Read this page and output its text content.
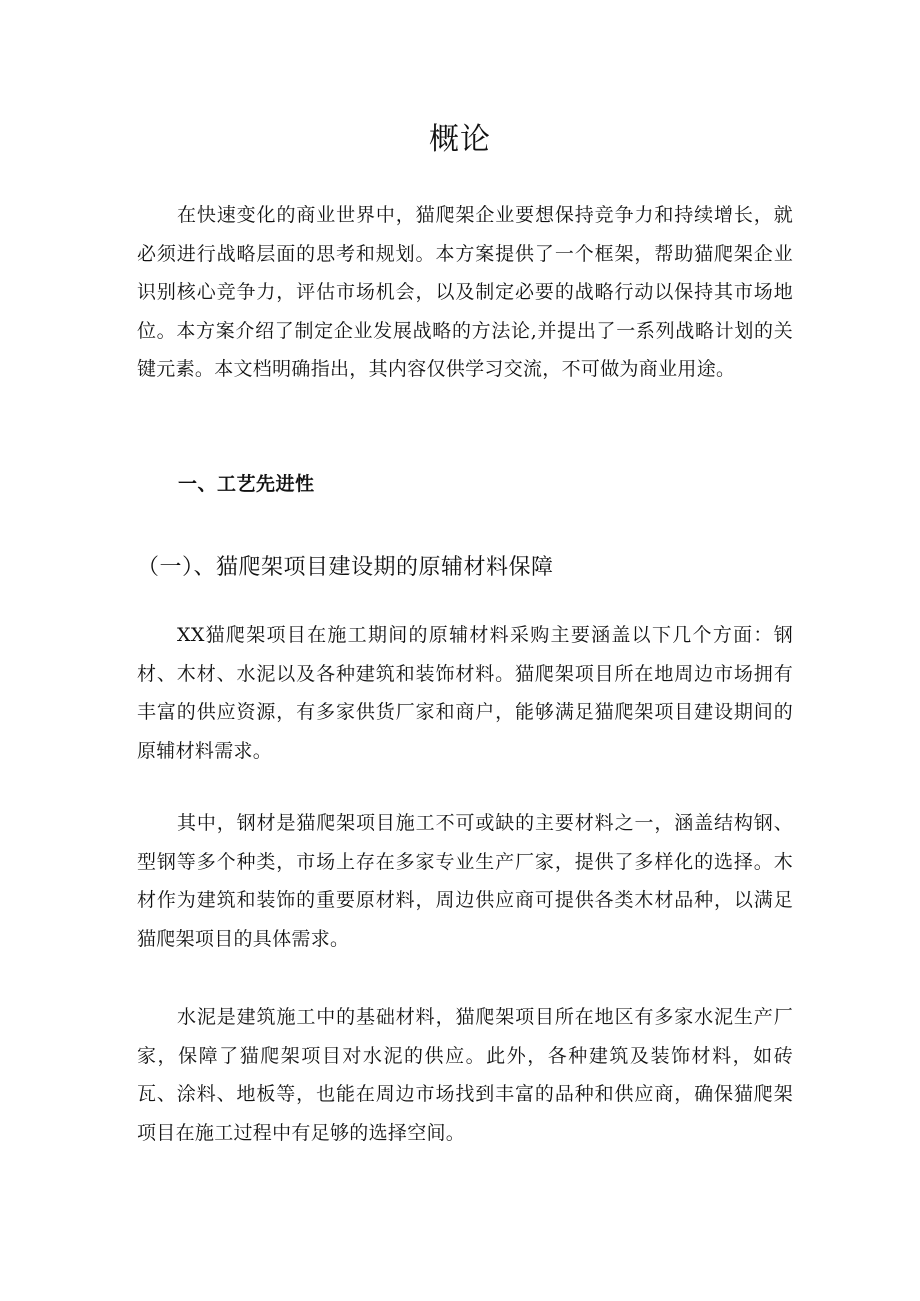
概论

在快速变化的商业世界中，猫爬架企业要想保持竞争力和持续增长，就必须进行战略层面的思考和规划。本方案提供了一个框架，帮助猫爬架企业识别核心竞争力，评估市场机会，以及制定必要的战略行动以保持其市场地位。本方案介绍了制定企业发展战略的方法论,并提出了一系列战略计划的关键元素。本文档明确指出，其内容仅供学习交流，不可做为商业用途。

一、工艺先进性
（一）、猫爬架项目建设期的原辅材料保障

XX猫爬架项目在施工期间的原辅材料采购主要涵盖以下几个方面：钢材、木材、水泥以及各种建筑和装饰材料。猫爬架项目所在地周边市场拥有丰富的供应资源，有多家供货厂家和商户，能够满足猫爬架项目建设期间的原辅材料需求。

其中，钢材是猫爬架项目施工不可或缺的主要材料之一，涵盖结构钢、型钢等多个种类，市场上存在多家专业生产厂家，提供了多样化的选择。木材作为建筑和装饰的重要原材料，周边供应商可提供各类木材品种，以满足猫爬架项目的具体需求。

水泥是建筑施工中的基础材料，猫爬架项目所在地区有多家水泥生产厂家，保障了猫爬架项目对水泥的供应。此外，各种建筑及装饰材料，如砖瓦、涂料、地板等，也能在周边市场找到丰富的品种和供应商，确保猫爬架项目在施工过程中有足够的选择空间。
